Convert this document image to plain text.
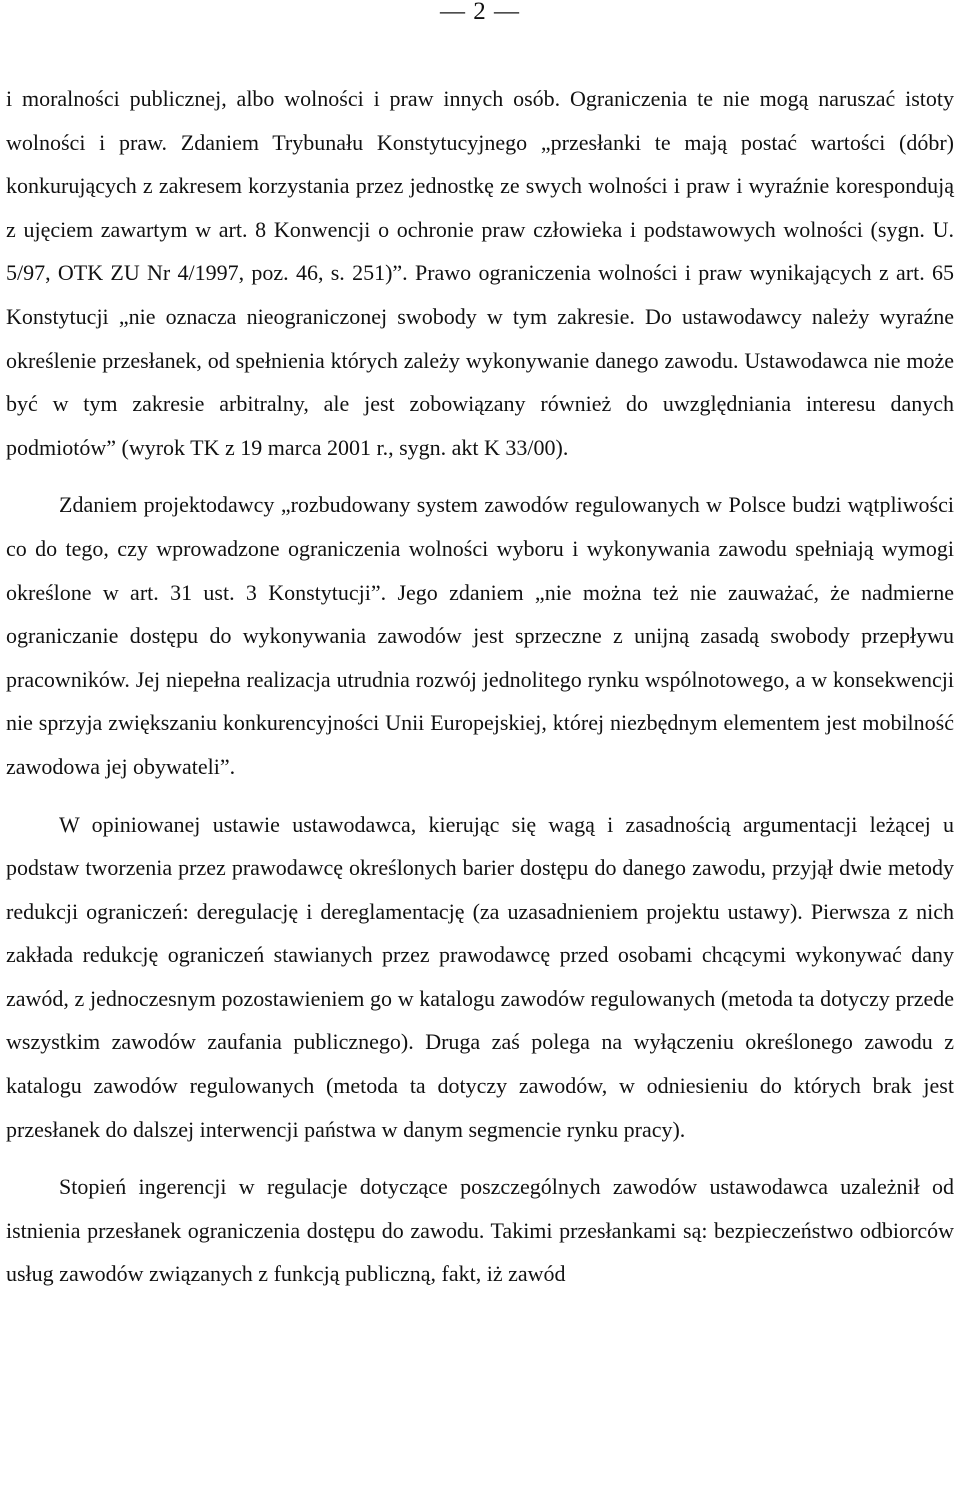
— 2 —

i moralności publicznej, albo wolności i praw innych osób. Ograniczenia te nie mogą naruszać istoty wolności i praw. Zdaniem Trybunału Konstytucyjnego „przesłanki te mają postać wartości (dóbr) konkurujących z zakresem korzystania przez jednostkę ze swych wolności i praw i wyraźnie korespondują z ujęciem zawartym w art. 8 Konwencji o ochronie praw człowieka i podstawowych wolności (sygn. U. 5/97, OTK ZU Nr 4/1997, poz. 46, s. 251)”. Prawo ograniczenia wolności i praw wynikających z art. 65 Konstytucji „nie oznacza nieograniczonej swobody w tym zakresie. Do ustawodawcy należy wyraźne określenie przesłanek, od spełnienia których zależy wykonywanie danego zawodu. Ustawodawca nie może być w tym zakresie arbitralny, ale jest zobowiązany również do uwzględniania interesu danych podmiotów” (wyrok TK z 19 marca 2001 r., sygn. akt K 33/00).

Zdaniem projektodawcy „rozbudowany system zawodów regulowanych w Polsce budzi wątpliwości co do tego, czy wprowadzone ograniczenia wolności wyboru i wykonywania zawodu spełniają wymogi określone w art. 31 ust. 3 Konstytucji”. Jego zdaniem „nie można też nie zauważać, że nadmierne ograniczanie dostępu do wykonywania zawodów jest sprzeczne z unijną zasadą swobody przepływu pracowników. Jej niepełna realizacja utrudnia rozwój jednolitego rynku wspólnotowego, a w konsekwencji nie sprzyja zwiększaniu konkurencyjności Unii Europejskiej, której niezbędnym elementem jest mobilność zawodowa jej obywateli”.

W opiniowanej ustawie ustawodawca, kierując się wagą i zasadnością argumentacji leżącej u podstaw tworzenia przez prawodawcę określonych barier dostępu do danego zawodu, przyjął dwie metody redukcji ograniczeń: deregulację i dereglamentację (za uzasadnieniem projektu ustawy). Pierwsza z nich zakłada redukcję ograniczeń stawianych przez prawodawcę przed osobami chcącymi wykonywać dany zawód, z jednoczesnym pozostawieniem go w katalogu zawodów regulowanych (metoda ta dotyczy przede wszystkim zawodów zaufania publicznego). Druga zaś polega na wyłączeniu określonego zawodu z katalogu zawodów regulowanych (metoda ta dotyczy zawodów, w odniesieniu do których brak jest przesłanek do dalszej interwencji państwa w danym segmencie rynku pracy).

Stopień ingerencji w regulacje dotyczące poszczególnych zawodów ustawodawca uzależnił od istnienia przesłanek ograniczenia dostępu do zawodu. Takimi przesłankami są: bezpieczeństwo odbiorców usług zawodów związanych z funkcją publiczną, fakt, iż zawód
